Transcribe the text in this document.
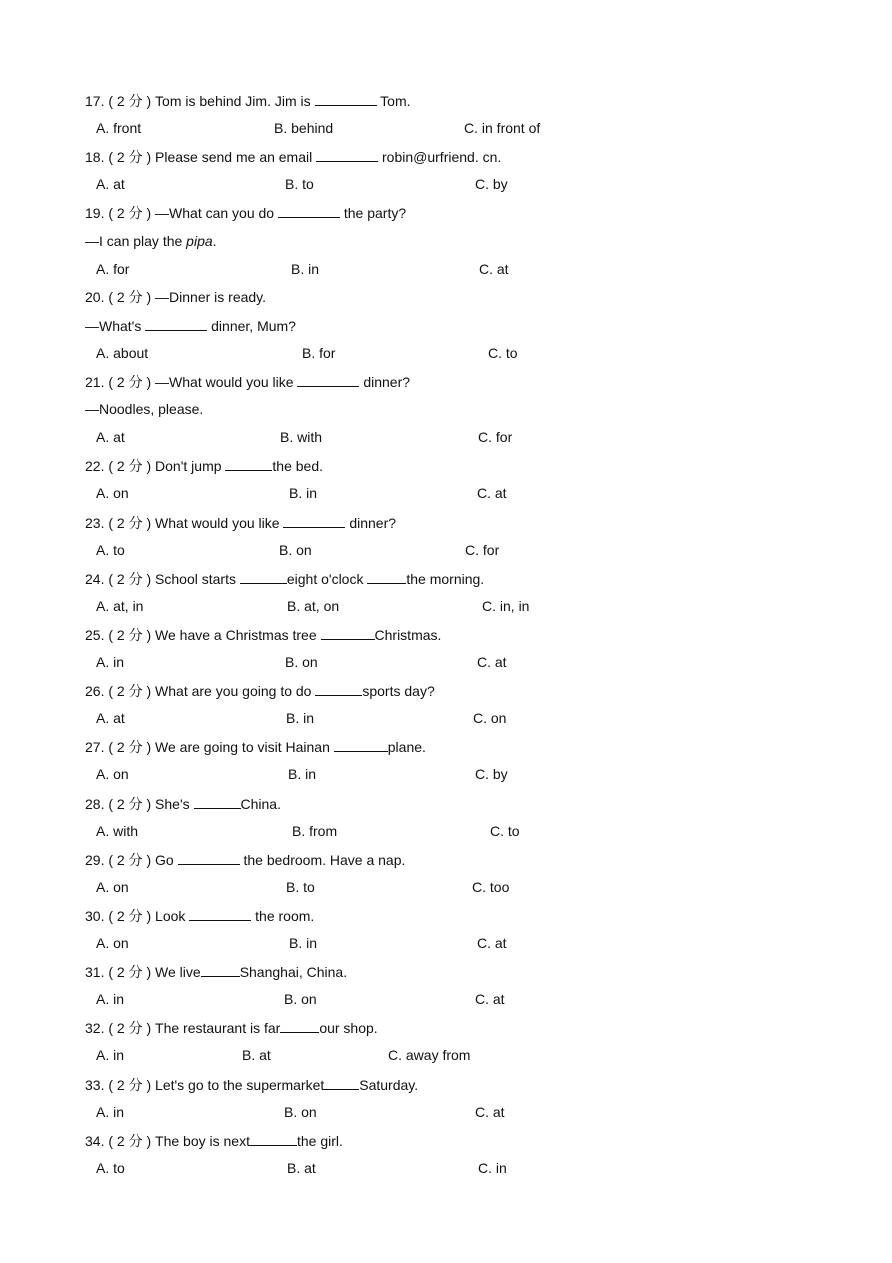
17. ( 2 分 ) Tom is behind Jim. Jim is	Tom.
A. front	B. behind	C. in front of
18. ( 2 分 ) Please send me an email	robin@urfriend. cn.
A. at	B. to	C. by
19. ( 2 分 ) —What can you do	the party?
—I can play the pipa.
A. for	B. in	C. at
20. ( 2 分 ) —Dinner is ready.
—What's	dinner, Mum?
A. about	B. for	C. to
21. ( 2 分 ) —What would you like	dinner?
—Noodles, please.
A. at	B. with	C. for
22. ( 2 分 ) Don't jump	the bed.
A. on	B. in	C. at
23. ( 2 分 ) What would you like	dinner?
A. to	B. on	C. for
24. ( 2 分 ) School starts	eight o'clock	the morning.
A. at, in	B. at, on	C. in, in
25. ( 2 分 ) We have a Christmas tree	Christmas.
A. in	B. on	C. at
26. ( 2 分 ) What are you going to do	sports day?
A. at	B. in	C. on
27. ( 2 分 ) We are going to visit Hainan	plane.
A. on	B. in	C. by
28. ( 2 分 ) She's	China.
A. with	B. from	C. to
29. ( 2 分 ) Go	the bedroom. Have a nap.
A. on	B. to	C. too
30. ( 2 分 ) Look	the room.
A. on	B. in	C. at
31. ( 2 分 ) We live	Shanghai, China.
A. in	B. on	C. at
32. ( 2 分 ) The restaurant is far	our shop.
A. in	B. at	C. away from
33. ( 2 分 ) Let's go to the supermarket	Saturday.
A. in	B. on	C. at
34. ( 2 分 ) The boy is next	the girl.
A. to	B. at	C. in
